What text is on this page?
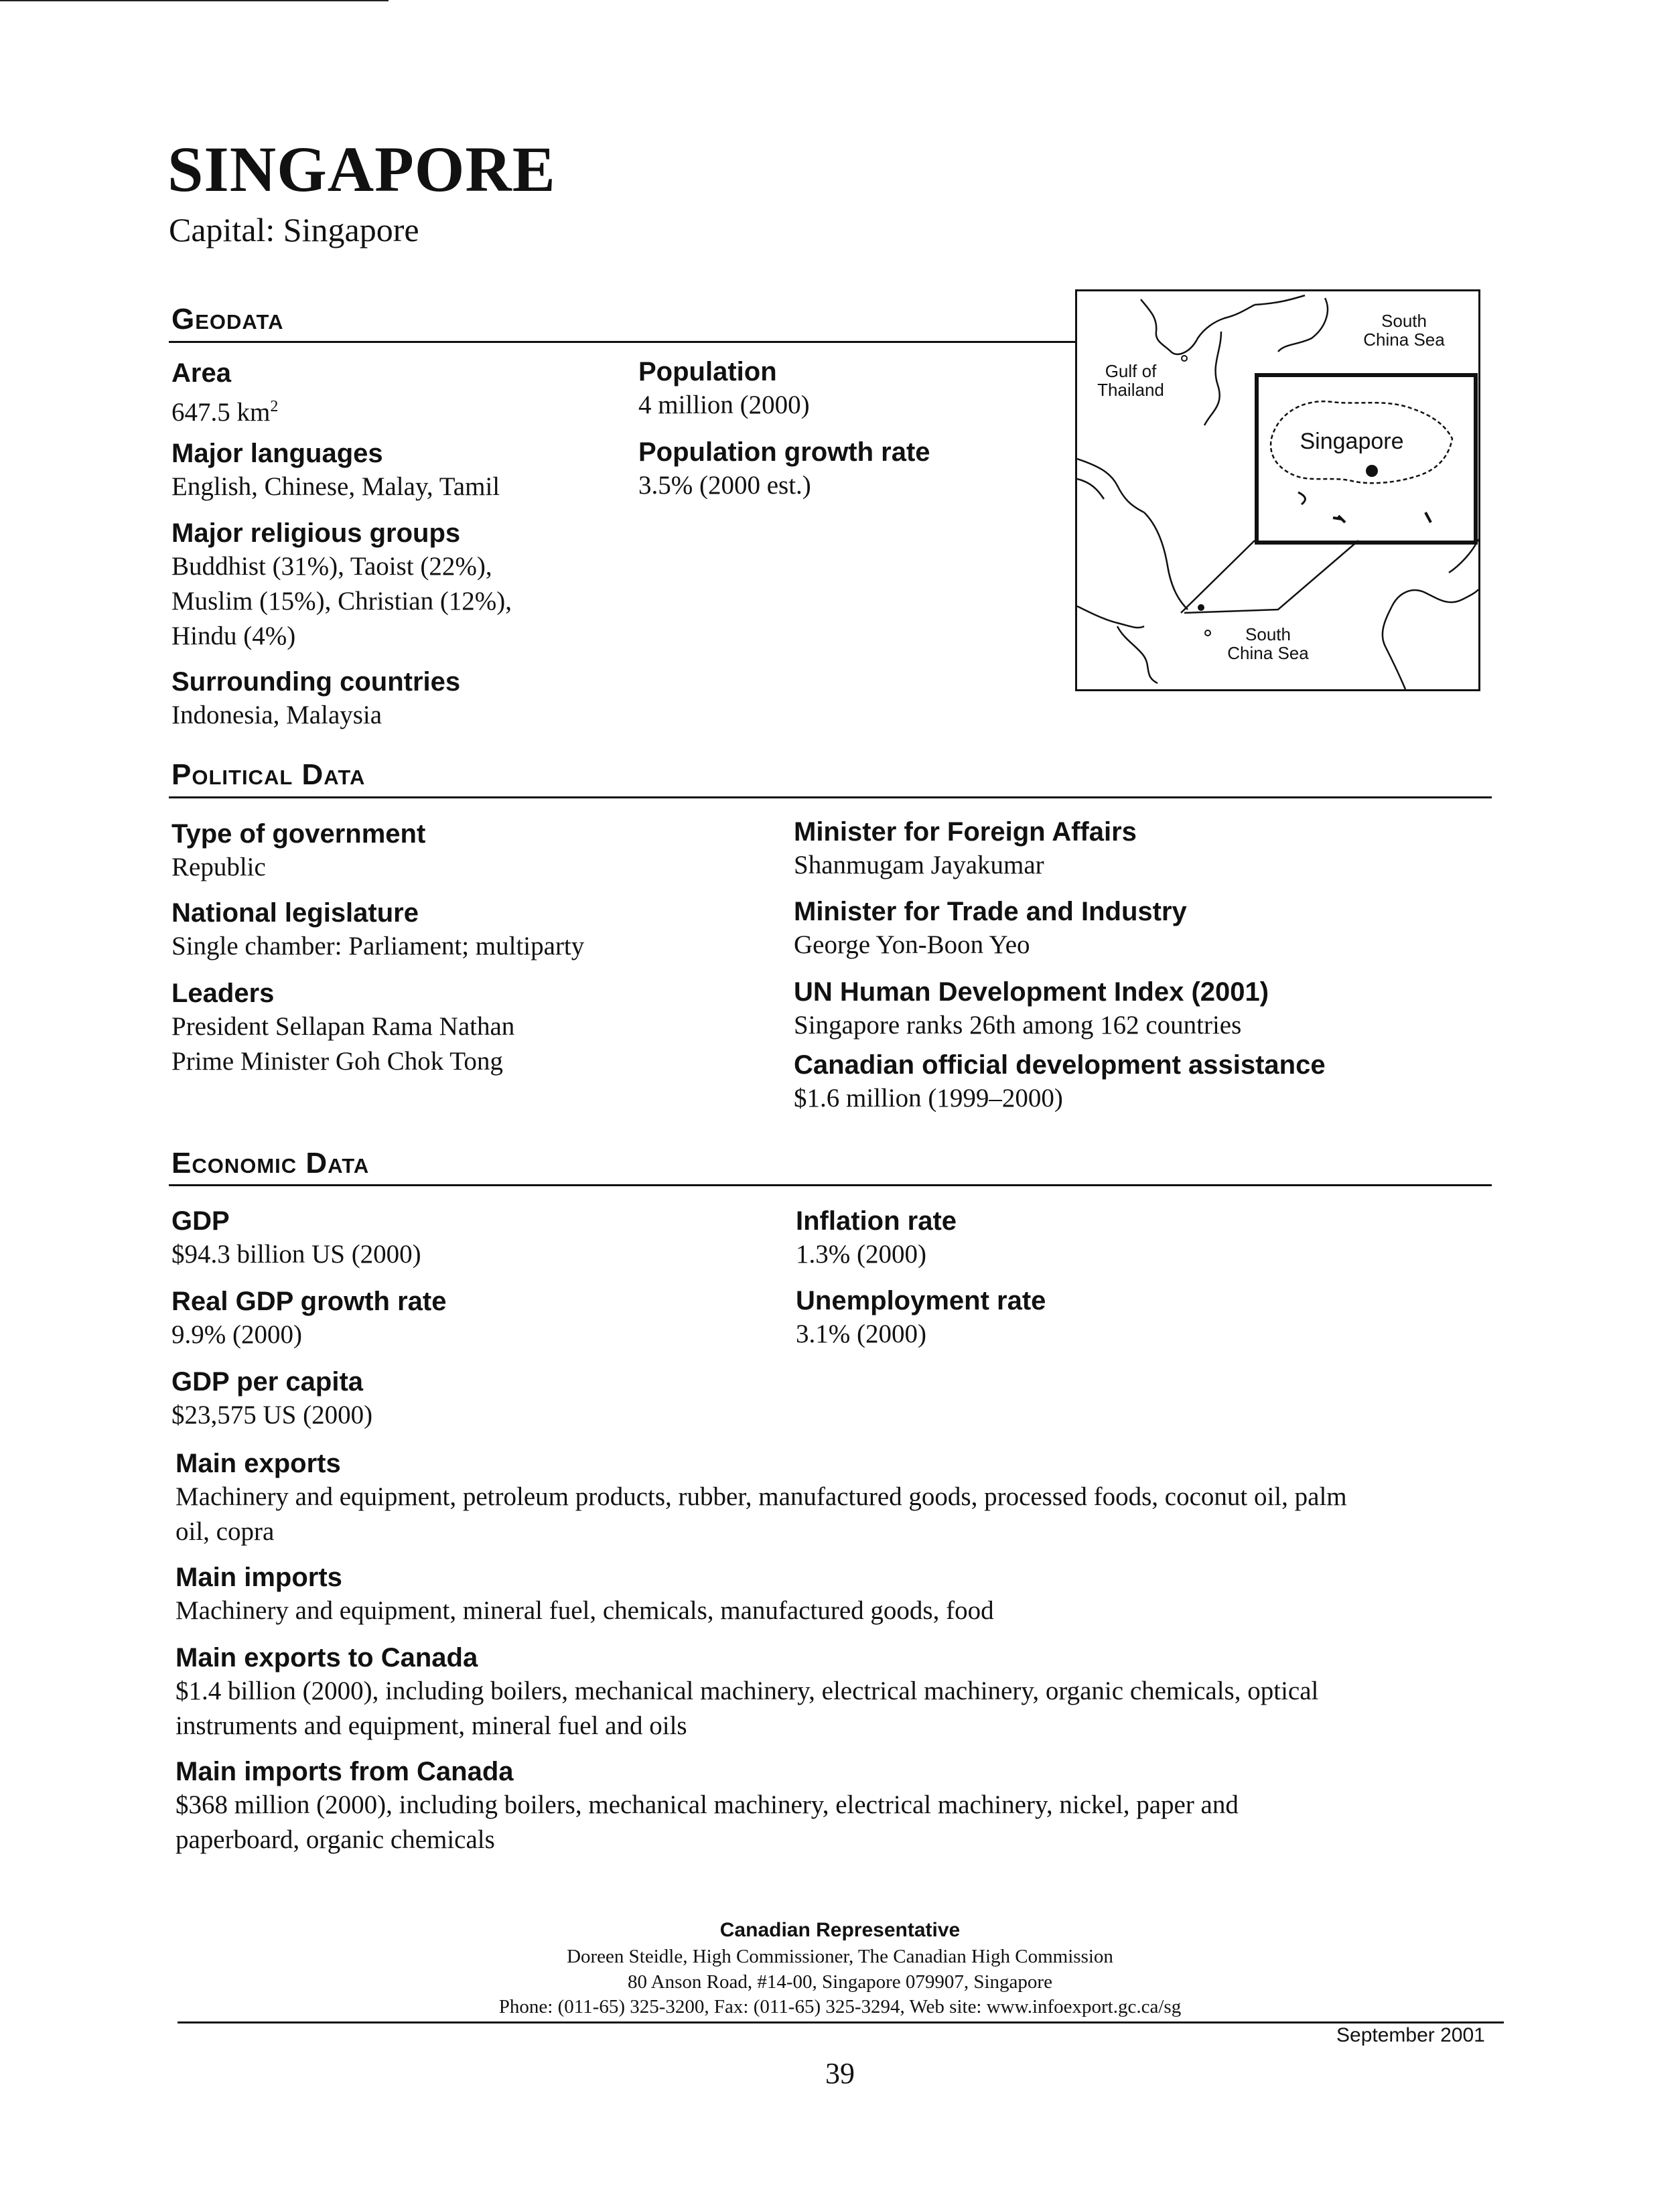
SINGAPORE
Capital: Singapore
Geodata
Area
647.5 $km^2$
Major languages
English, Chinese, Malay, Tamil
Major religious groups
Buddhist (31%), Taoist (22%),
Muslim (15%), Christian (12%),
Hindu (4%)
Surrounding countries
Indonesia, Malaysia
Population
4 million (2000)
Population growth rate
3.5% (2000 est.)
South
China Sea
Gulf of
Thailand
Singapore
South
China Sea
Political Data
Type of government
Republic
National legislature
Single chamber: Parliament; multiparty
Leaders
President Sellapan Rama Nathan
Prime Minister Goh Chok Tong
Minister for Foreign Affairs
Shanmugam Jayakumar
Minister for Trade and Industry
George Yon-Boon Yeo
UN Human Development Index (2001)
Singapore ranks 26th among 162 countries
Canadian official development assistance
$1.6 million (1999–2000)
Economic Data
GDP
$94.3 billion US (2000)
Real GDP growth rate
9.9% (2000)
GDP per capita
$23,575 US (2000)
Inflation rate
1.3% (2000)
Unemployment rate
3.1% (2000)
Main exports
Machinery and equipment, petroleum products, rubber, manufactured goods, processed foods, coconut oil, palm
oil, copra
Main imports
Machinery and equipment, mineral fuel, chemicals, manufactured goods, food
Main exports to Canada
$1.4 billion (2000), including boilers, mechanical machinery, electrical machinery, organic chemicals, optical
instruments and equipment, mineral fuel and oils
Main imports from Canada
$368 million (2000), including boilers, mechanical machinery, electrical machinery, nickel, paper and
paperboard, organic chemicals
Canadian Representative
Doreen Steidle, High Commissioner, The Canadian High Commission
80 Anson Road, #14-00, Singapore 079907, Singapore
Phone: (011-65) 325-3200, Fax: (011-65) 325-3294, Web site: www.infoexport.gc.ca/sg
September 2001
39
